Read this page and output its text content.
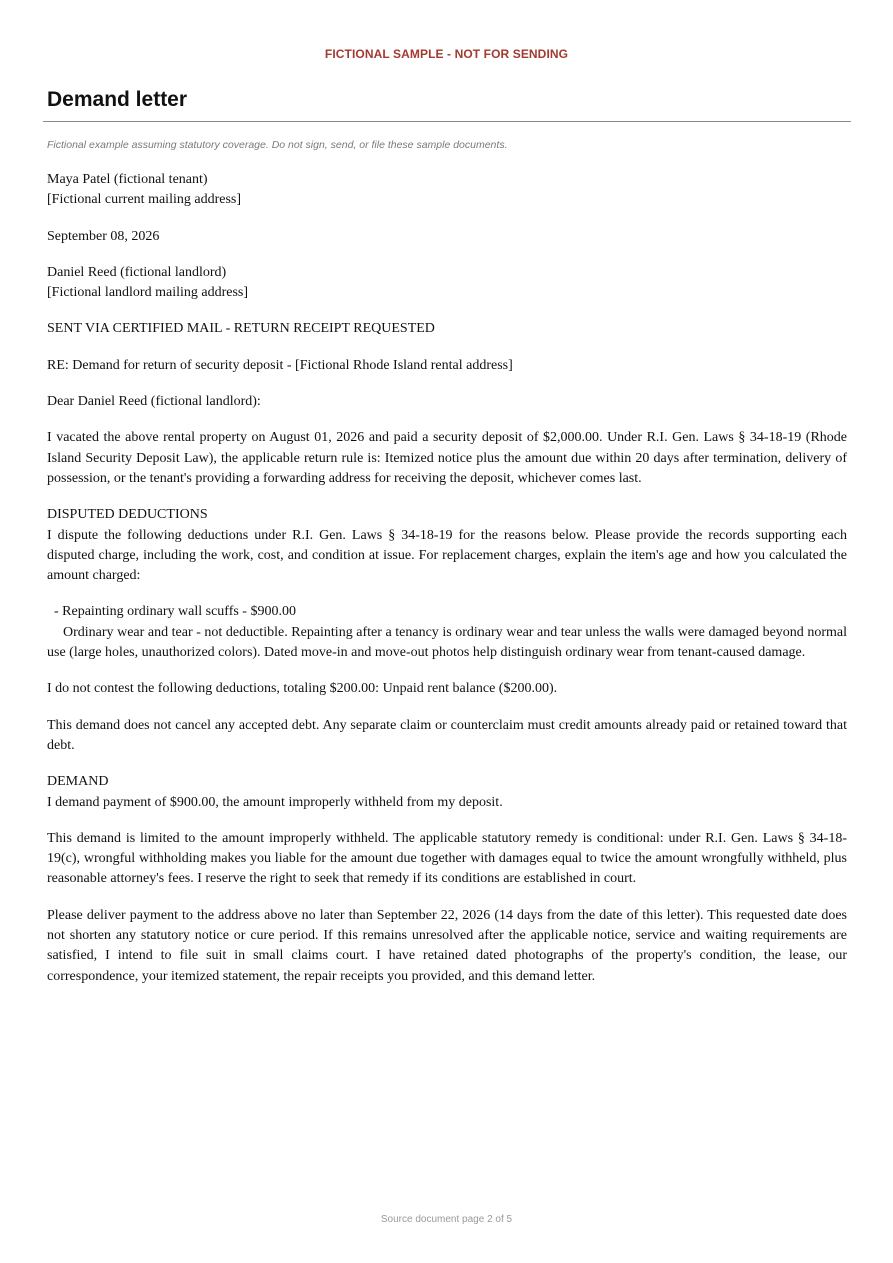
FICTIONAL SAMPLE - NOT FOR SENDING
Demand letter
Fictional example assuming statutory coverage. Do not sign, send, or file these sample documents.

Maya Patel (fictional tenant)
[Fictional current mailing address]

September 08, 2026

Daniel Reed (fictional landlord)
[Fictional landlord mailing address]

SENT VIA CERTIFIED MAIL - RETURN RECEIPT REQUESTED

RE: Demand for return of security deposit - [Fictional Rhode Island rental address]

Dear Daniel Reed (fictional landlord):

I vacated the above rental property on August 01, 2026 and paid a security deposit of $2,000.00. Under R.I. Gen. Laws § 34-18-19 (Rhode Island Security Deposit Law), the applicable return rule is: Itemized notice plus the amount due within 20 days after termination, delivery of possession, or the tenant's providing a forwarding address for receiving the deposit, whichever comes last.

DISPUTED DEDUCTIONS

I dispute the following deductions under R.I. Gen. Laws § 34-18-19 for the reasons below. Please provide the records supporting each disputed charge, including the work, cost, and condition at issue. For replacement charges, explain the item's age and how you calculated the amount charged:

- Repainting ordinary wall scuffs - $900.00
Ordinary wear and tear - not deductible. Repainting after a tenancy is ordinary wear and tear unless the walls were damaged beyond normal use (large holes, unauthorized colors). Dated move-in and move-out photos help distinguish ordinary wear from tenant-caused damage.

I do not contest the following deductions, totaling $200.00: Unpaid rent balance ($200.00).

This demand does not cancel any accepted debt. Any separate claim or counterclaim must credit amounts already paid or retained toward that debt.

DEMAND

I demand payment of $900.00, the amount improperly withheld from my deposit.

This demand is limited to the amount improperly withheld. The applicable statutory remedy is conditional: under R.I. Gen. Laws § 34-18-19(c), wrongful withholding makes you liable for the amount due together with damages equal to twice the amount wrongfully withheld, plus reasonable attorney's fees. I reserve the right to seek that remedy if its conditions are established in court.

Please deliver payment to the address above no later than September 22, 2026 (14 days from the date of this letter). This requested date does not shorten any statutory notice or cure period. If this remains unresolved after the applicable notice, service and waiting requirements are satisfied, I intend to file suit in small claims court. I have retained dated photographs of the property's condition, the lease, our correspondence, your itemized statement, the repair receipts you provided, and this demand letter.

Source document page 2 of 5
